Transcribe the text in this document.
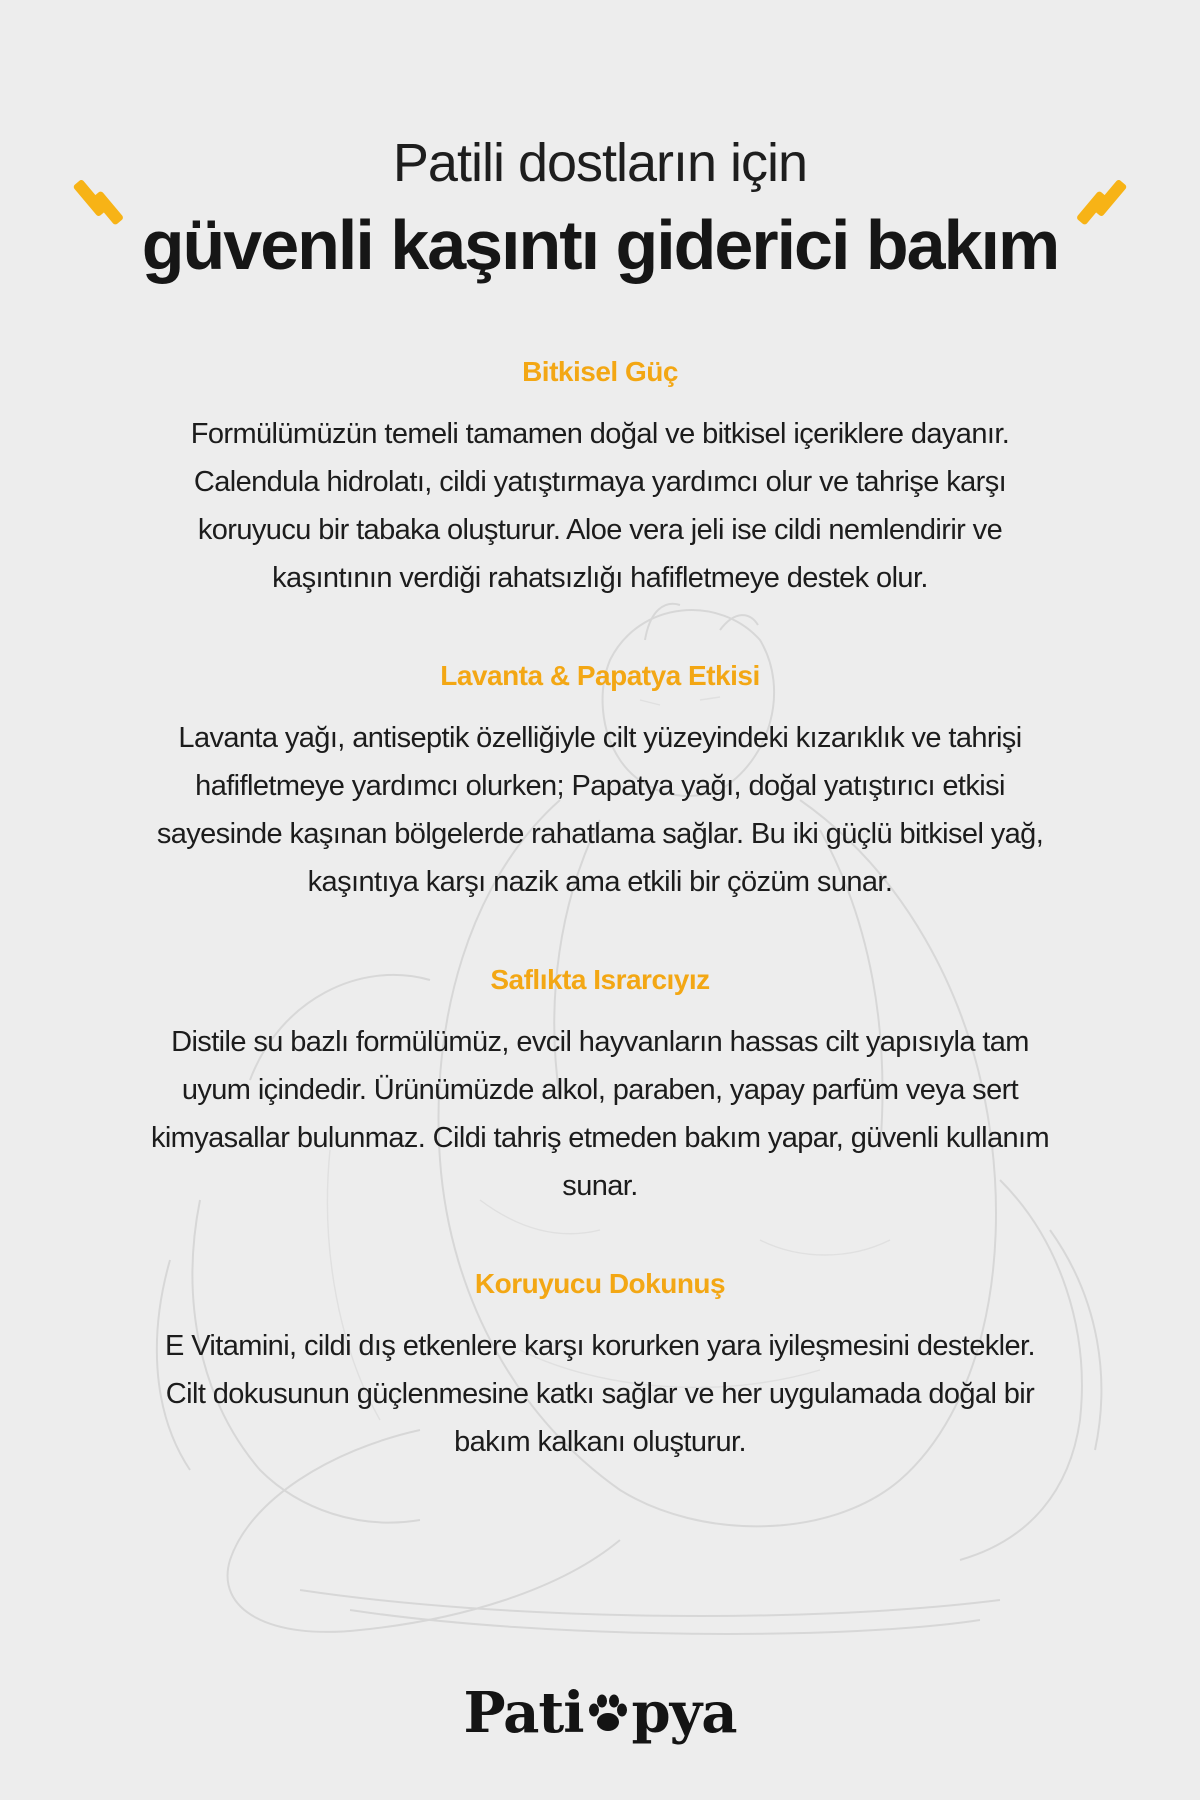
Patili dostların için
güvenli kaşıntı giderici bakım
Bitkisel Güç
Formülümüzün temeli tamamen doğal ve bitkisel içeriklere dayanır. Calendula hidrolatı, cildi yatıştırmaya yardımcı olur ve tahrişe karşı koruyucu bir tabaka oluşturur. Aloe vera jeli ise cildi nemlendirir ve kaşıntının verdiği rahatsızlığı hafifletmeye destek olur.
Lavanta & Papatya Etkisi
Lavanta yağı, antiseptik özelliğiyle cilt yüzeyindeki kızarıklık ve tahrişi hafifletmeye yardımcı olurken; Papatya yağı, doğal yatıştırıcı etkisi sayesinde kaşınan bölgelerde rahatlama sağlar. Bu iki güçlü bitkisel yağ, kaşıntıya karşı nazik ama etkili bir çözüm sunar.
Saflıkta Israrcıyız
Distile su bazlı formülümüz, evcil hayvanların hassas cilt yapısıyla tam uyum içindedir. Ürünümüzde alkol, paraben, yapay parfüm veya sert kimyasallar bulunmaz. Cildi tahriş etmeden bakım yapar, güvenli kullanım sunar.
Koruyucu Dokunuş
E Vitamini, cildi dış etkenlere karşı korurken yara iyileşmesini destekler. Cilt dokusunun güçlenmesine katkı sağlar ve her uygulamada doğal bir bakım kalkanı oluşturur.
Pati pya
